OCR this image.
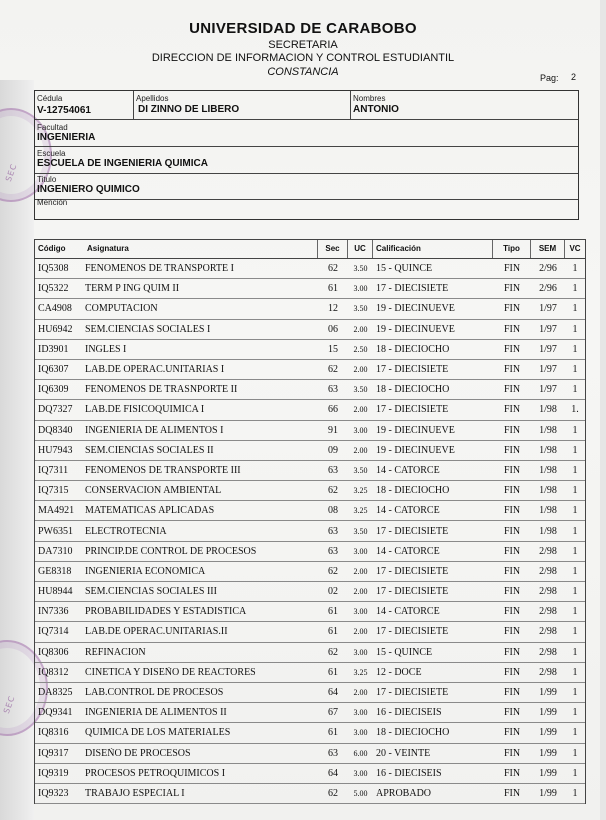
SEC
SEC
UNIVERSIDAD DE CARABOBO
SECRETARIA
DIRECCION DE INFORMACION Y CONTROL ESTUDIANTIL
CONSTANCIA	Pag: 2
Cédula
V-12754061
Apellidos
DI ZINNO DE LIBERO
Nombres
ANTONIO
Facultad
INGENIERIA
Escuela
ESCUELA DE INGENIERIA QUIMICA
Titulo
INGENIERO QUIMICO
Mención
Código	Asignatura	Sec	UC	Calificación	Tipo	SEM	VC
IQ5308	FENOMENOS DE TRANSPORTE I	62	3.50 15 - QUINCE	FIN	2/96	1
IQ5322	TERM P ING QUIM II	61	3.00 17 - DIECISIETE	FIN	2/96	1
CA4908	COMPUTACION	12	3.50 19 - DIECINUEVE	FIN	1/97	1
HU6942	SEM.CIENCIAS SOCIALES I	06	2.00 19 - DIECINUEVE	FIN	1/97	1
ID3901	INGLES I	15	2.50 18 - DIECIOCHO	FIN	1/97	1
IQ6307	LAB.DE OPERAC.UNITARIAS I	62	2.00 17 - DIECISIETE	FIN	1/97	1
IQ6309	FENOMENOS DE TRASNPORTE II	63	3.50 18 - DIECIOCHO	FIN	1/97	1
DQ7327	LAB.DE FISICOQUIMICA I	66	2.00 17 - DIECISIETE	FIN	1/98	1.
DQ8340	INGENIERIA DE ALIMENTOS I	91	3.00 19 - DIECINUEVE	FIN	1/98	1
HU7943	SEM.CIENCIAS SOCIALES II	09	2.00 19 - DIECINUEVE	FIN	1/98	1
IQ7311	FENOMENOS DE TRANSPORTE III	63	3.50 14 - CATORCE	FIN	1/98	1
IQ7315	CONSERVACION AMBIENTAL	62	3.25 18 - DIECIOCHO	FIN	1/98	1
MA4921	MATEMATICAS APLICADAS	08	3.25 14 - CATORCE	FIN	1/98	1
PW6351	ELECTROTECNIA	63	3.50 17 - DIECISIETE	FIN	1/98	1
DA7310	PRINCIP.DE CONTROL DE PROCESOS	63	3.00 14 - CATORCE	FIN	2/98	1
GE8318	INGENIERIA ECONOMICA	62	2.00 17 - DIECISIETE	FIN	2/98	1
HU8944	SEM.CIENCIAS SOCIALES III	02	2.00 17 - DIECISIETE	FIN	2/98	1
IN7336	PROBABILIDADES Y ESTADISTICA	61	3.00 14 - CATORCE	FIN	2/98	1
IQ7314	LAB.DE OPERAC.UNITARIAS.II	61	2.00 17 - DIECISIETE	FIN	2/98	1
IQ8306	REFINACION	62	3.00 15 - QUINCE	FIN	2/98	1
IQ8312	CINETICA Y DISEÑO DE REACTORES	61	3.25 12 - DOCE	FIN	2/98	1
DA8325	LAB.CONTROL DE PROCESOS	64	2.00 17 - DIECISIETE	FIN	1/99	1
DQ9341	INGENIERIA DE ALIMENTOS II	67	3.00 16 - DIECISEIS	FIN	1/99	1
IQ8316	QUIMICA DE LOS MATERIALES	61	3.00 18 - DIECIOCHO	FIN	1/99	1
IQ9317	DISEÑO DE PROCESOS	63	6.00 20 - VEINTE	FIN	1/99	1
IQ9319	PROCESOS PETROQUIMICOS I	64	3.00 16 - DIECISEIS	FIN	1/99	1
IQ9323	TRABAJO ESPECIAL I	62	5.00 APROBADO	FIN	1/99	1
